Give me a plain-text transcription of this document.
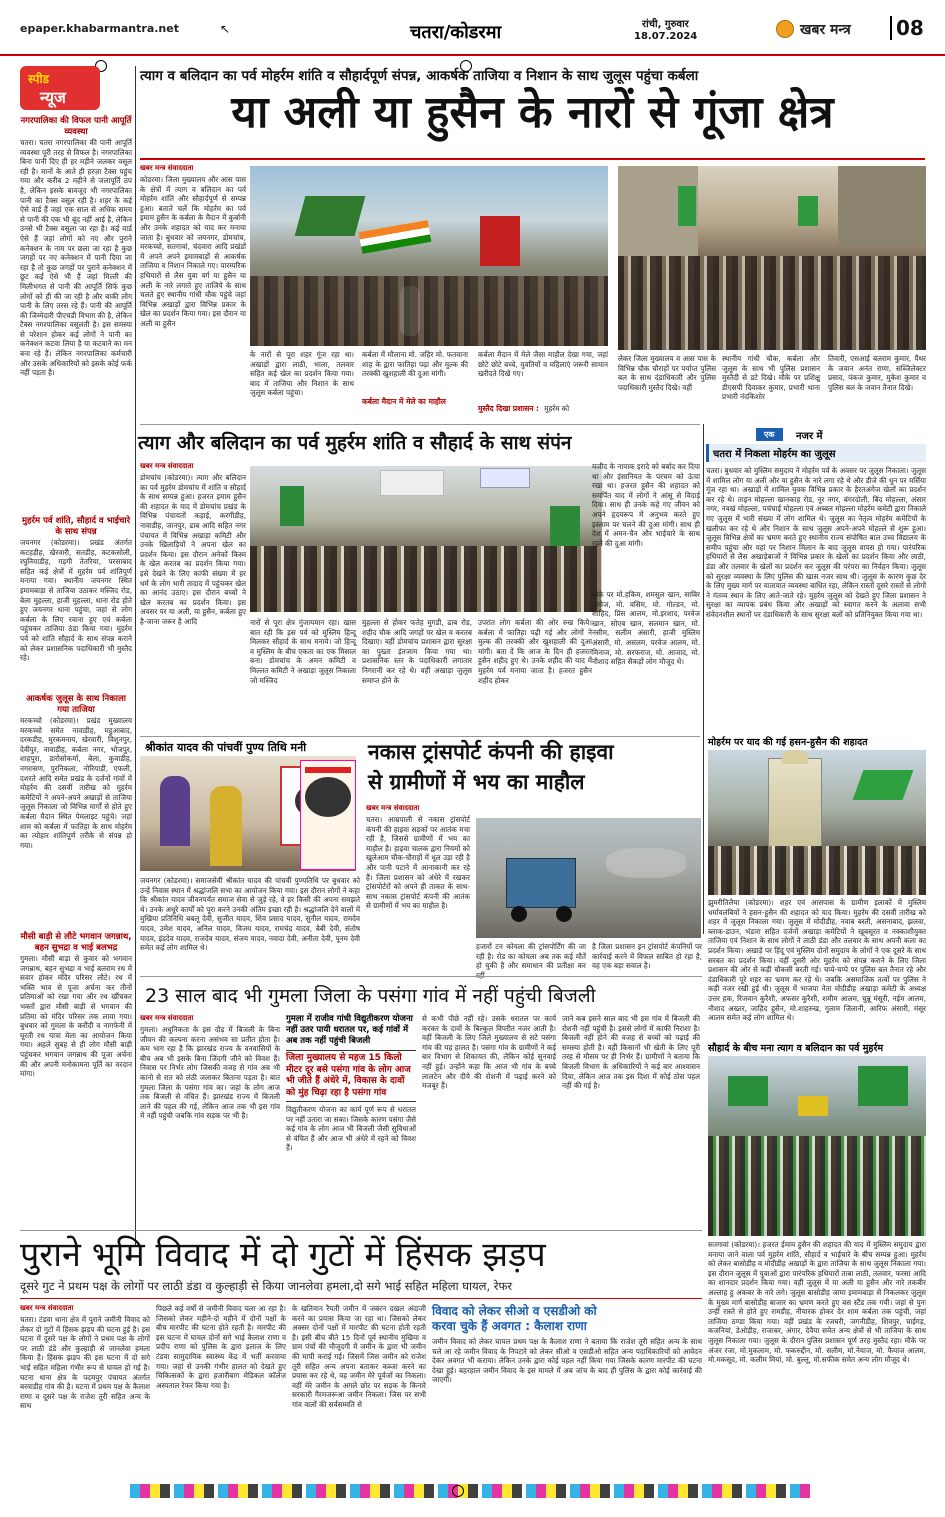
epaper.khabarmantra.net	↖	चतरा/कोडरमा	रांची, गुरुवार
18.07.2024	खबर मन्त्र	08
स्पीड
न्यूज
नगरपालिका की विफल पानी आपूर्ति व्यवस्था
चतरा। चतरा नगरपालिका की पानी आपूर्ति व्यवस्था पूरी तरह से विफल है। नगरपालिका बिना पानी दिए ही हर महीने जलकर वसूल रही है। मानों के आते ही हरज़ा टैक्स पहुंच गया और करीब 2 महीने से जलापूर्ति ठप है, लेकिन इसके बावजूद भी नगरपालिका पानी का टैक्स वसूल रही है। शहर के कई ऐसे वार्ड हैं जहां एक साल से अधिक समय से पानी की एक भी बूंद नहीं आई है, लेकिन उनसे भी टैक्स वसूला जा रहा है। कई वार्ड ऐसे हैं जहां लोगों को नए और पुराने कनेक्शन के नाम पर छला जा रहा है कुछ जगहों पर नए कनेक्शन में पानी दिया जा रहा है तो कुछ जगहों पर पुराने कनेक्शन में छूट कई ऐसे भी हैं जहां मिल्ती की मिलीभगत से पानी की आपूर्ति सिर्फ कुछ लोगों को ही की जा रही है और बाकी लोग पानी के लिए तरस रहे हैं। पानी की आपूर्ति की जिम्मेदारी पीएचडी विभाग की है, लेकिन टैक्स नगरपालिका वसूलती है। इस समस्या से परेशान होकर कई लोगों ने पानी का कनेक्शन कटवा लिया है या कटवाने का मन बना रहे हैं। लेकिन नगरपालिका कर्मचारी और उसके अधिकारियों को इसके कोई फर्क नहीं पड़ता है।
मुहर्रम पर्व शांति, सौहार्द व भाईचारे के साथ संपन्न
जयनगर (कोडरमा)। प्रखंड अंतर्गत कटहड़ीह, खेरवारी, सतडीह, कटकसोली, रघुनियाडीह, गड़गी तेतरिया, परसाबाद सहित कई क्षेत्रों में मुहर्रम पर्व शांतिपूर्ण मनाया गया। स्थानीय जयनगर स्थित इमामबाड़ा से ताजिया उठाकर मस्जिद रोड, बेला मुहल्ला, हाजी मुहल्ला, थाना रोड होते हुए जयनगर थाना पहुंचा, जहां से लोग कर्बला के लिए रवाना हुए एवं कर्बला पहुंचकर ताजिया ठंडा किया गया। मुहर्रम पर्व को शांति सौहार्द के साथ संपन्न कराने को लेकर प्रशासनिक पदाधिकारी भी मुस्तैद रहे।
आकर्षक जुलूस के साथ निकाला गया ताजिया
मरकच्चो (कोडरमा)। प्रखंड मुख्यालय मरकच्चो समेत नावाडीह, महुआबाद, दरकडीह, मुरकमनाय, खेरवारी, विशुनपुर, देवीपुर, नावाडीह, कर्बला नगर, भोजपुर, शाहपुरा, डारोसोकर्मा, बेला, कुवाडीह, नगरासण, पुरनिकला, नोरियाड़ी, एफली, दशरते आदि समेत प्रखंड के दर्जनों गांवों में मोहर्रम की दसवीं तारीख को मुहर्रम कमेटियों ने अपने-अपने अखाड़ों से ताजिया जुलूस निकाला जो विभिन्न मार्गों से होते हुए कर्बला मैदान स्थित पेमलाइट पहुंचे। जहां शाम को कर्बला में फातिहा के साथ मोहर्रम का त्योहार शांतिपूर्ण तरीके से संपन्न हो गया।
मौसी बाड़ी से लौटे भगवान जगन्नाथ, बहन सुभद्रा व भाई बलभद्र
गुमला। मौसी बाड़ा से कुवार को भगवान जगन्नाथ, बहन सुभद्रा व भाई बलराम रथ में सवार होकर मंदिर परिसर लौटे। रथ में भक्ति भाव से पूजा अर्चना कर तीनों प्रतिमाओं को रखा गया और रथ खींचकर भक्तों द्वारा मौसी बाड़ी से भगवान की प्रतिमा को मंदिर परिसर तक लाया गया। बुधवार को गुमला के करौंदी व नागफेनी में घूरती रथ यात्रा मेला का आयोजन किया गया। अहले सुबह से ही लोग मौसी बाड़ी पहुंचकर भगवान जगन्नाथ की पूजा अर्चना की और अपनी मनोकामना पूर्ति का वरदान मांगा।
त्याग व बलिदान का पर्व मोहर्रम शांति व सौहार्दपूर्ण संपन्न, आकर्षक ताजिया व निशान के साथ जुलूस पहुंचा कर्बला
या अली या हुसैन के नारों से गूंजा क्षेत्र
खबर मन्त्र संवाददाता
कोडरमा। जिला मुख्यालय और आस पास के क्षेत्रों में त्याग व बलिदान का पर्व मोहर्रम शांति और सौहार्दपूर्ण से सम्पन्न हुआ। बताते चलें कि मोहर्रम का पर्व इमाम हुसैन के कर्बला के मैदान में कुर्बानी और उनके शहादत को याद कर मनाया जाता है। बुधवार को जयनगर, डोमचांच, मरकच्चो, सतगावां, चंदवारा आदि प्रखंडों में अपने अपने इमामबाड़ों से आकर्षक ताजिया व निशान निकाले गए। पारम्परिक हथियारों से लैस युवा वर्ग या हुसैन या अली के नारे लगाते हुए ताजिये के साथ चलते हुए स्थानीय गांधी चौक पहुंचे जहां विभिन्न अखाड़ों द्वारा विभिन्न प्रकार के खेल का प्रदर्शन किया गया। इस दौरान या अली या हुसैन
के नारों से पूरा शहर गूंज रहा था। अखाड़ों द्वारा लाठी, भाला, तलवार सहित कई खेल का प्रदर्शन किया गया। बाद में ताजिया और निशान के साथ जुलूस कर्बला पहुंचा।
कर्बला में मौलाना मो. जहिर मो. फतवाना शाह के द्वारा फातिहा पढ़ा और मुल्क की तरक्की खुशहाली की दुआ मांगी।
कर्बला मैदान में मेले का माहौल
कर्बला मैदान में मेले जैसा माहौल देखा गया, जहां छोटे छोटे बच्चे, युवतियों व महिलाएं जरूरी सामान खरीदते दिखे गए।
मुस्तैद दिखा प्रशासन : मुहर्रम को
लेकर जिला मुख्यालय व आस पास के विभिन्न चौक चौराहों पर पर्याप्त पुलिस बल के साथ दंडाधिकारी और पुलिस पदाधिकारी मुस्तैद दिखे। वहीं
स्थानीय गांधी चौक, कर्बला और जुलूस के साथ भी पुलिस प्रशासन मुस्तैदी से डटे दिखे। मौके पर प्रशिक्षु डीएसपी दिवाकर कुमार, प्रभारी थाना प्रभारी नंदकिशोर
तिवारी, एसआई बलराम कुमार, पैंथर के जवान अनंत राणा, सब्जिलेक्टर प्रसाद, पंकज कुमार, मुकेश कुमार व पुलिस बल के जवान तैनात दिखे।
त्याग और बलिदान का पर्व मुहर्रम शांति व सौहार्द के साथ संपंन
खबर मन्त्र संवाददाता
डोमचांच (कोडरमा)। त्याग और बलिदान का पर्व मुहर्रम डोमचांच में शांति व सौहार्द के साथ सम्पन्न हुआ। हजरत इमाम हुसैन की शहादत के याद में डोमचांच प्रखंड के विभिन्न पंचायतों कड़ाई, करगीडीह, नावाडीह, जानपुर, ढाब आदि सहित नगर पंचायत में विभिन्न अखाड़ा कमिटी और उनके खिलाड़ियों ने अपना खेल का प्रदर्शन किया। इस दौरान अनेकों किस्म के खेल करतब का प्रदर्शन किया गया। इसे देखने के लिए काफी संख्या में हर धर्म के लोग भारी तादाद में पहुंचकर खेल का आनंद उठाए। इस दौरान बच्चों ने खेल करतब का प्रदर्शन किया। इस अवसर पर या अली, या हुसैन, कर्बला हुए है-जाना जरूर है आदि	नारों से पूरा क्षेत्र गुंजायमान रहा। खास बात रही कि इस पर्व को मुस्लिम हिन्दू मिलकर सौहार्द के साथ मनाये। जो हिन्दू व मुस्लिम के बीच एकता का एक मिसाल बना। डोमचांच के अमन कमिटी व मिल्लत कमिटी ने अखाड़ा जुलूस निकाला जो मस्जिद
मुहल्ला से होकर फतेह मुगडी, ढाब रोड, शहीद चौक आदि जगहों पर खेल व करतब दिखाए। वहीं डोमचांच प्रशासन द्वारा सुरक्षा का पुख्ता इंतजाम किया गया था। प्रशासनिक स्तर के पदाधिकारी लगातार निगरानी कर रहे थे। वहीं अखाड़ा जुलूस समाप्त होने के
उपरांत लोग कर्बला की ओर रुख किये। कर्बला में फातिहा पढ़ी गई और लोगों ने मुल्क की तरक्की और खुशहाली की दुआ मांगी। बता दें कि आज के दिन ही हजरत हुसैन शहीद हुए थे। उनके शहीद की याद में मुहर्रम पर्व मनाया जाता है। हजरत हुसैन शहीद होकर
यजीद के नापाक इरादे को बर्बाद कर दिया था और इंसानियत के परचम को ऊंचा रखा था। हजरत हुसैन की शहादत को समर्पित याद में लोगों ने आंसू से विदाई दिया। साथ ही उनके कहे गए जीवन को अपने हृदयरूप में अनुभव करते हुए इस्लाम पर चलने की दुआ मांगी। साथ ही देश में अमन-चैन और भाईचारे के साथ रहने की दुआ मांगी।
मौके पर मो.हकिम, शमसुल खान, साबिर परवेज, मो. वसिम, मो. गोल्डन, मो. शाहिद, प्रिंस आलम, मो.इरशाद, परवेज खान, सोएब खान, सलमान खान, मो. नसीम, सलीम अंसारी, हाजी मुस्लिम अंसारी, मो. असलम, परवेज आलम, मो. मिनाज, मो. सरफराज, मो. आजाद, मो. नौशाद सहित सैकड़ों लोग मौजूद थे।
एक	नजर में
चतरा में निकला मोहर्रम का जुलूस
चतरा। बुधवार को मुस्लिम समुदाय ने मोहर्रम पर्व के अवसर पर जुलूस निकाला। जुलूस में शामिल लोग या अली और या हुसैन के नारे लगा रहे थे और डीजे की धुन पर मर्सिया गूंज रहा था। अखाड़ों में शामिल युवक विभिन्न प्रकार के हैरतअंगेज खेलों का प्रदर्शन कर रहे थे। ताइन मोहल्ला खानकाह रोड, नूर नगर, बंगरदोली, बिंद मोहल्ला, अंसार नगर, नवखं मोहल्ला, पचंचाई मोहल्ला एवं अब्बल मोहल्ला मोहर्रम कमेटी द्वारा निकाले गए जुलूस में भारी संख्या में लोग शामिल थे। जुलूस का नेतृत्व मोहर्रम कमेटियों के खलीफा कर रहे थे और निशान के साथ जुलूस अपने-अपने मोहल्ले से शुरू हुआ। जुलूस विभिन्न क्षेत्रों का भ्रमण करते हुए स्थानीय राज्य संपोषित बाल उच्च विद्यालय के समीप पहुंचा और यहां पर निशान मिलान के बाद जुलूस वापस हो गया। पारंपरिक हथियारों से लैस अखाड़ेबाजों ने विभिन्न प्रकार के खेलों का प्रदर्शन किया और लाठी, डंडा और तलवार के खेलों का प्रदर्शन कर जुलूस की परंपरा का निर्वहन किया। जुलूस को सुरक्षा व्यवस्था के लिए पुलिस की खास नजर साथ थी। जुलूस के कारण कुछ देर के लिए मुख्य मार्ग पर यातायात व्यवस्था बाधित रहा, लेकिन रास्तों दूसरे रास्तों से लोगों ने गंतव्य स्थान के लिए आते-जाते रहे। मुहर्रम जुलूस को देखते हुए जिला प्रशासन ने सुरक्षा का व्यापक प्रबंध किया और अखाड़ों को स्वागत करने के अलावा सभी संवेदनशील स्थानों पर दंडाधिकारी के साथ सुरक्षा बलों को प्रतिनियुक्त किया गया था।
मोहर्रम पर याद की गई हसन-हुसैन की शहादत
झुमरीतिलैया (कोडरमा)। शहर एवं आसपास के ग्रामीण इलाकों में मुस्लिम धर्मावलंबियों ने हसन-हुसैन की शहादत को याद किया। मुहर्रम की दसवीं तारीख को शहर में जुलूस निकाला गया। जुलूस में मोदीडीह, नवाब बस्ती, असनाबाद, झलवा, ब्लाक-डाउन, भंडारा सहित दर्जनों अखाड़ा कमेटियों ने खूबसूरत व नक्काशीयुक्त ताजिया एवं निशान के साथ लोगों ने लाठी डंडा और तलवार के साथ अपनी कला का प्रदर्शन किया। अखाड़े पर हिंदू एवं मुस्लिम दोनों समुदाय के लोगों ने एक दूसरे के साथ सरबत का प्रदर्शन किया। वहीं दूसरी ओर मुहर्रम को संपन्न कराने के लिए जिला प्रशासन की ओर से कड़ी चौकसी बरती गई। चप्पे-चप्पे पर पुलिस बल तैनात रहे और दंडाधिकारी पूरे शहर का भ्रमण कर रहे थे। जबकि असमाजिक तत्वों पर पुलिस ने कड़ी नजर रखी हुई थी। जुलूस में भाजपा नेता मोदीडीह अखाड़ा कमेटी के अध्यक्ष उत्तर हक, रिजवान कुरैशी, अफसर कुरैशी, शमीम आलम, चुन्नू मंसूरी, नईम आलम, नौशाद अख्तर, जाहिद हुसैन, मो.शाहरुख, गुलाम जिलानी, आरिफ अंसारी, मंसूर आलम समेत कई लोग शामिल थे।
सौहार्द के बीच मना त्याग व बलिदान का पर्व मुहर्रम
सतगावां (कोडरमा)। हजरत ईमाम हुसैन की शहादत की याद में मुस्लिम समुदाय द्वारा मनाया जाने वाला पर्व मुहर्रम शांति, सौहार्द व भाईचारे के बीच सम्पन्न हुआ। मुहर्रम को लेकर बासोडीह व मोदीडीह अखाड़ों के द्वारा ताजिया के साथ जुलूस निकाला गया। इस दौरान जुलूस में युवाओं द्वारा पारंपरिक हथियारों ताबा लाठी, तलवार, फरसा आदि का शानदार प्रदर्शन किया गया। वहीं जुलूस में या अली या हुसैन और नारे तकबीर अल्लाह हु अकबर के नारे लगे। जुलूस बासोडीह जामा इमामबाड़ा से निकलकर जुलूस के मुख्य मार्ग बासोडीह बाजार का भ्रमण करते हुए बस स्टैंड तक गयी। जहां से पुनः उन्हीं रास्ते से होते हुए रामडीह, नीयारक होकर देर शाम कर्बला तक पहुंची, जहां ताजिया ठण्डा किया गया। वहीं प्रखंड के रजघरी, जगनीडीह, शिवपुर, चाईगड़, कजनियां, डेओड़ीह, राजाबर, अंगार, देवैया समेत अन्य क्षेत्रों से भी ताजिया के साथ जुलूस निकाला गया। जुलूस के दौरान पुलिस प्रशासन पूर्ण तरह मुस्तैद रहा। मौके पर अंजर रजा, मो.मुकलाम, मो. फकरुद्दीन, मो. सलीम, मो.नेयाज, मो. फैयाज आलम, मो.मकसूद, मो. कलीम मियां, मो. बुल्लू, मो.सफीक समेत अन्य लोग मौजूद थे।
श्रीकांत यादव की पांचवीं पुण्य तिथि मनी
जयनगर (कोडरमा)। समाजसेवी श्रीकांत यादव की पांचवीं पुण्यतिथि पर बुधवार को उन्हें निवास स्थान में श्रद्धांजलि सभा का आयोजन किया गया। इस दौरान लोगों ने कहा कि श्रीकांत यादव जीवनपर्यंत समाज सेवा से जुड़े रहे, वे हर किसी की अपना समझते थे। उनके अधूरे कार्यों को पूरा करने उनकी अंतिम इच्छा रही है। श्रद्धांजलि देने वालों में मुखिया प्रतिनिधि बबलू देवी, सुजीत यादव, शिव प्रसाद यादव, सुनील यादव, रामदेव यादव, उमेश यादव, अनिल यादव, विजय यादव, रामचंद्र यादव, बेबी देवी, संतोष यादव, इंद्रदेव यादव, राजदेव यादव, संजय यादव, नवादा देवी, अनीता देवी, पूनम देवी समेत कई लोग शामिल थे।
नकास ट्रांसपोर्ट कंपनी की हाइवा
से ग्रामीणों में भय का माहौल
खबर मन्त्र संवाददाता
चतरा। आम्रपाली से नकास ट्रांसपोर्ट कंपनी की हाइवा सड़कों पर आतंक मचा रही है, जिससे ग्रामीणों में भय का माहौल है। हाइवा चालक द्वारा नियमों को खुलेआम चौक-चौराहों में धूल उड़ा रही है और पानी पटाने में आनाकानी कर रहे हैं। जिला प्रशासन को अंधेरे में रखकर ट्रांसपोर्टरों को अपने ही ताकत के साथ-साथ नकास ट्रांसपोर्ट कंपनी की आतंक से ग्रामीणों में भय का माहौल है।
हजारों टन कोयला की ट्रांसपोर्टिंग की जा रही है। रोड का कोयला अब तक कई मौतें हो चुकी है और समाधान की प्रतीक्षा कर
है जिला प्रशासन इन ट्रांसपोर्ट कंपनियों पर कार्रवाई करने में विफल साबित हो रहा है, वह एक बड़ा सवाल है।
23 साल बाद भी गुमला जिला के पसंगा गांव में नहीं पहुंची बिजली
खबर मन्त्र संवाददाता
गुमला। अधुनिकता के इस दौड़ में बिजली के बिना जीवन की कल्पना करना असंभव सा प्रतीत होता है। कम भाग रहा है कि झारखंड राज्य के वनवासियों के बीच अब भी इसके बिना जिंदगी जीने को विवश हैं। निवास पर निर्भर लोग जिसकी वजह से गांव अब भी कानो से रात को लंठी जलाकर बिताना पड़ता है। बात गुमला जिला के पसंगा गांव का। जहां के लोग आज तक बिजली से वंचित हैं। झारखंड राज्य में बिजली लाने की पहल की गई, लेकिन आज तक भी इस गांव में नहीं पहुंची जबकि गांव सड़क पर भी है।
गुमला में राजीव गांधी विद्युतीकरण योजना नहीं उतर पायी धरातल पर, कई गांवों में अब तक नहीं पहुंची बिजली
जिला मुख्यालय से महज 15 किलो मीटर दूर बसे पसंगा गांव के लोग आज भी जीते हैं अंधेरे में, विकास के दावों को मुंह चिढ़ा रहा है पसंगा गांव
विद्युतीकरण योजना का कार्य पूर्ण रूप से धरातल पर नहीं उतारा जा सका। जिसके कारण पसंगा जैसे कई गांव के लोग आज भी बिजली जैसी सुविधाओं से वंचित हैं और आज भी अंधेरे में रहने को विवश हैं।
से कभी पीछे नहीं रहे। उसके धरातल पर कार्य करकर के दावों के बिल्कुल विपरीत नजर आती है। वहीं बिजली के लिए जिले मुख्यालय से सटे पसंगा गांव की यह हालत है। पसंगा गांव के ग्रामीणों ने कई बार विभाग से शिकायत की, लेकिन कोई सुनवाई नहीं हुई। उन्होंने कहा कि आज भी गांव के बच्चे लालटेन और दीये की रोशनी में पढ़ाई करने को मजबूर हैं।
जाने कब इसने साल बाद भी इस गांव में बिजली की रोशनी नहीं पहुंची है। इससे लोगों में काफी निराशा है। बिजली नहीं होने की वजह से बच्चों को पढ़ाई की समस्या होती है। वहीं किसानों भी खेती के लिए पूरी तरह से मौसम पर ही निर्भर हैं। ग्रामीणों ने बताया कि बिजली विभाग के अधिकारियों ने कई बार आश्वासन दिया, लेकिन आज तक इस दिशा में कोई ठोस पहल नहीं की गई है।
पुराने भूमि विवाद में दो गुटों में हिंसक झड़प
दूसरे गुट ने प्रथम पक्ष के लोगों पर लाठी डंडा व कुल्हाड़ी से किया जानलेवा हमला,दो सगे भाई सहित महिला घायल, रेफर
खबर मन्त्र संवाददाता
चतरा। टंडवा थाना क्षेत्र में पुराने जमीनी विवाद को लेकर दो गुटों में हिंसक झड़प की घटना हुई है। इस घटना में दूसरे पक्ष के लोगों ने प्रथम पक्ष के लोगों पर लाठी डंडे और कुल्हाड़ी से जानलेवा हमला किया है। हिंसक झड़प की इस घटना में दो सगे भाई सहित महिला गंभीर रूप से घायल हो गई है। घटना थाना क्षेत्र के पदमपुर पंचायत अंतर्गत बरवाडीह गांव की है। घटना में प्रथम पक्ष के कैलाश राणा व दूसरे पक्ष के राजेश तूरी सहित अन्य के साथ
पिछले कई वर्षों से जमीनी विवाद चला आ रहा है। जिसको लेकर महीने-दो महीने में दोनों पक्षों के बीच मारपीट की घटना होते रहती है। मारपीट की इस घटना में घायल दोनों सगे भाई कैलाश राणा व प्रदीप राणा को पुलिस के द्वारा इलाज के लिए टंडवा सामुदायिक स्वास्थ्य केंद्र में भर्ती करवाया गया। जहां से उनकी गंभीर हालत को देखते हुए चिकित्सकों के द्वारा हजारीबाग मेडिकल कॉलेज अस्पताल रेफर किया गया है।
के खतियान रैयती जमीन में जबरन दखल अंदाजी करने का प्रयास किया जा रहा था। जिसको लेकर अक्सर दोनों पक्षों में मारपीट की घटना होती रहती है। इसी बीच बीते 15 दिनों पूर्व स्थानीय मुखिया व ग्राम पंचों की मौजूदगी में जमीन के द्वारा भी जमीन की मापी कराई गई। जिसमें जिस जमीन को राजेश तूरी सहित अन्य अपना बताकर कब्जा करने का प्रयास कर रहे थे, वह जमीन मेरे पूर्वजों का निकला। वहीं मेरे जमीन के अगले छोर पर सड़क के किनारे सरकारी गैरमजरूआ जमीन निकला। जिस पर सभी गांव वालों की सर्वसम्मति से
विवाद को लेकर सीओ व एसडीओ को
करवा चुके हैं अवगत : कैलाश राणा
जमीन विवाद को लेकर घायल प्रथम पक्ष के कैलाश राणा ने बताया कि राजेश तूरी सहित अन्य के साथ चले आ रहे जमीन विवाद के निपटारे को लेकर सीओ व एसडीओ सहित अन्य पदाधिकारियों को आवेदन देकर अवगत भी कराया। लेकिन उनके द्वारा कोई पहल नहीं किया गया जिसके कारण मारपीट की घटना देखा हुई। बहरहाल जमीन विवाद के इस मामले में अब जांच के बाद ही पुलिस के द्वारा कोई कार्रवाई की जाएगी।
